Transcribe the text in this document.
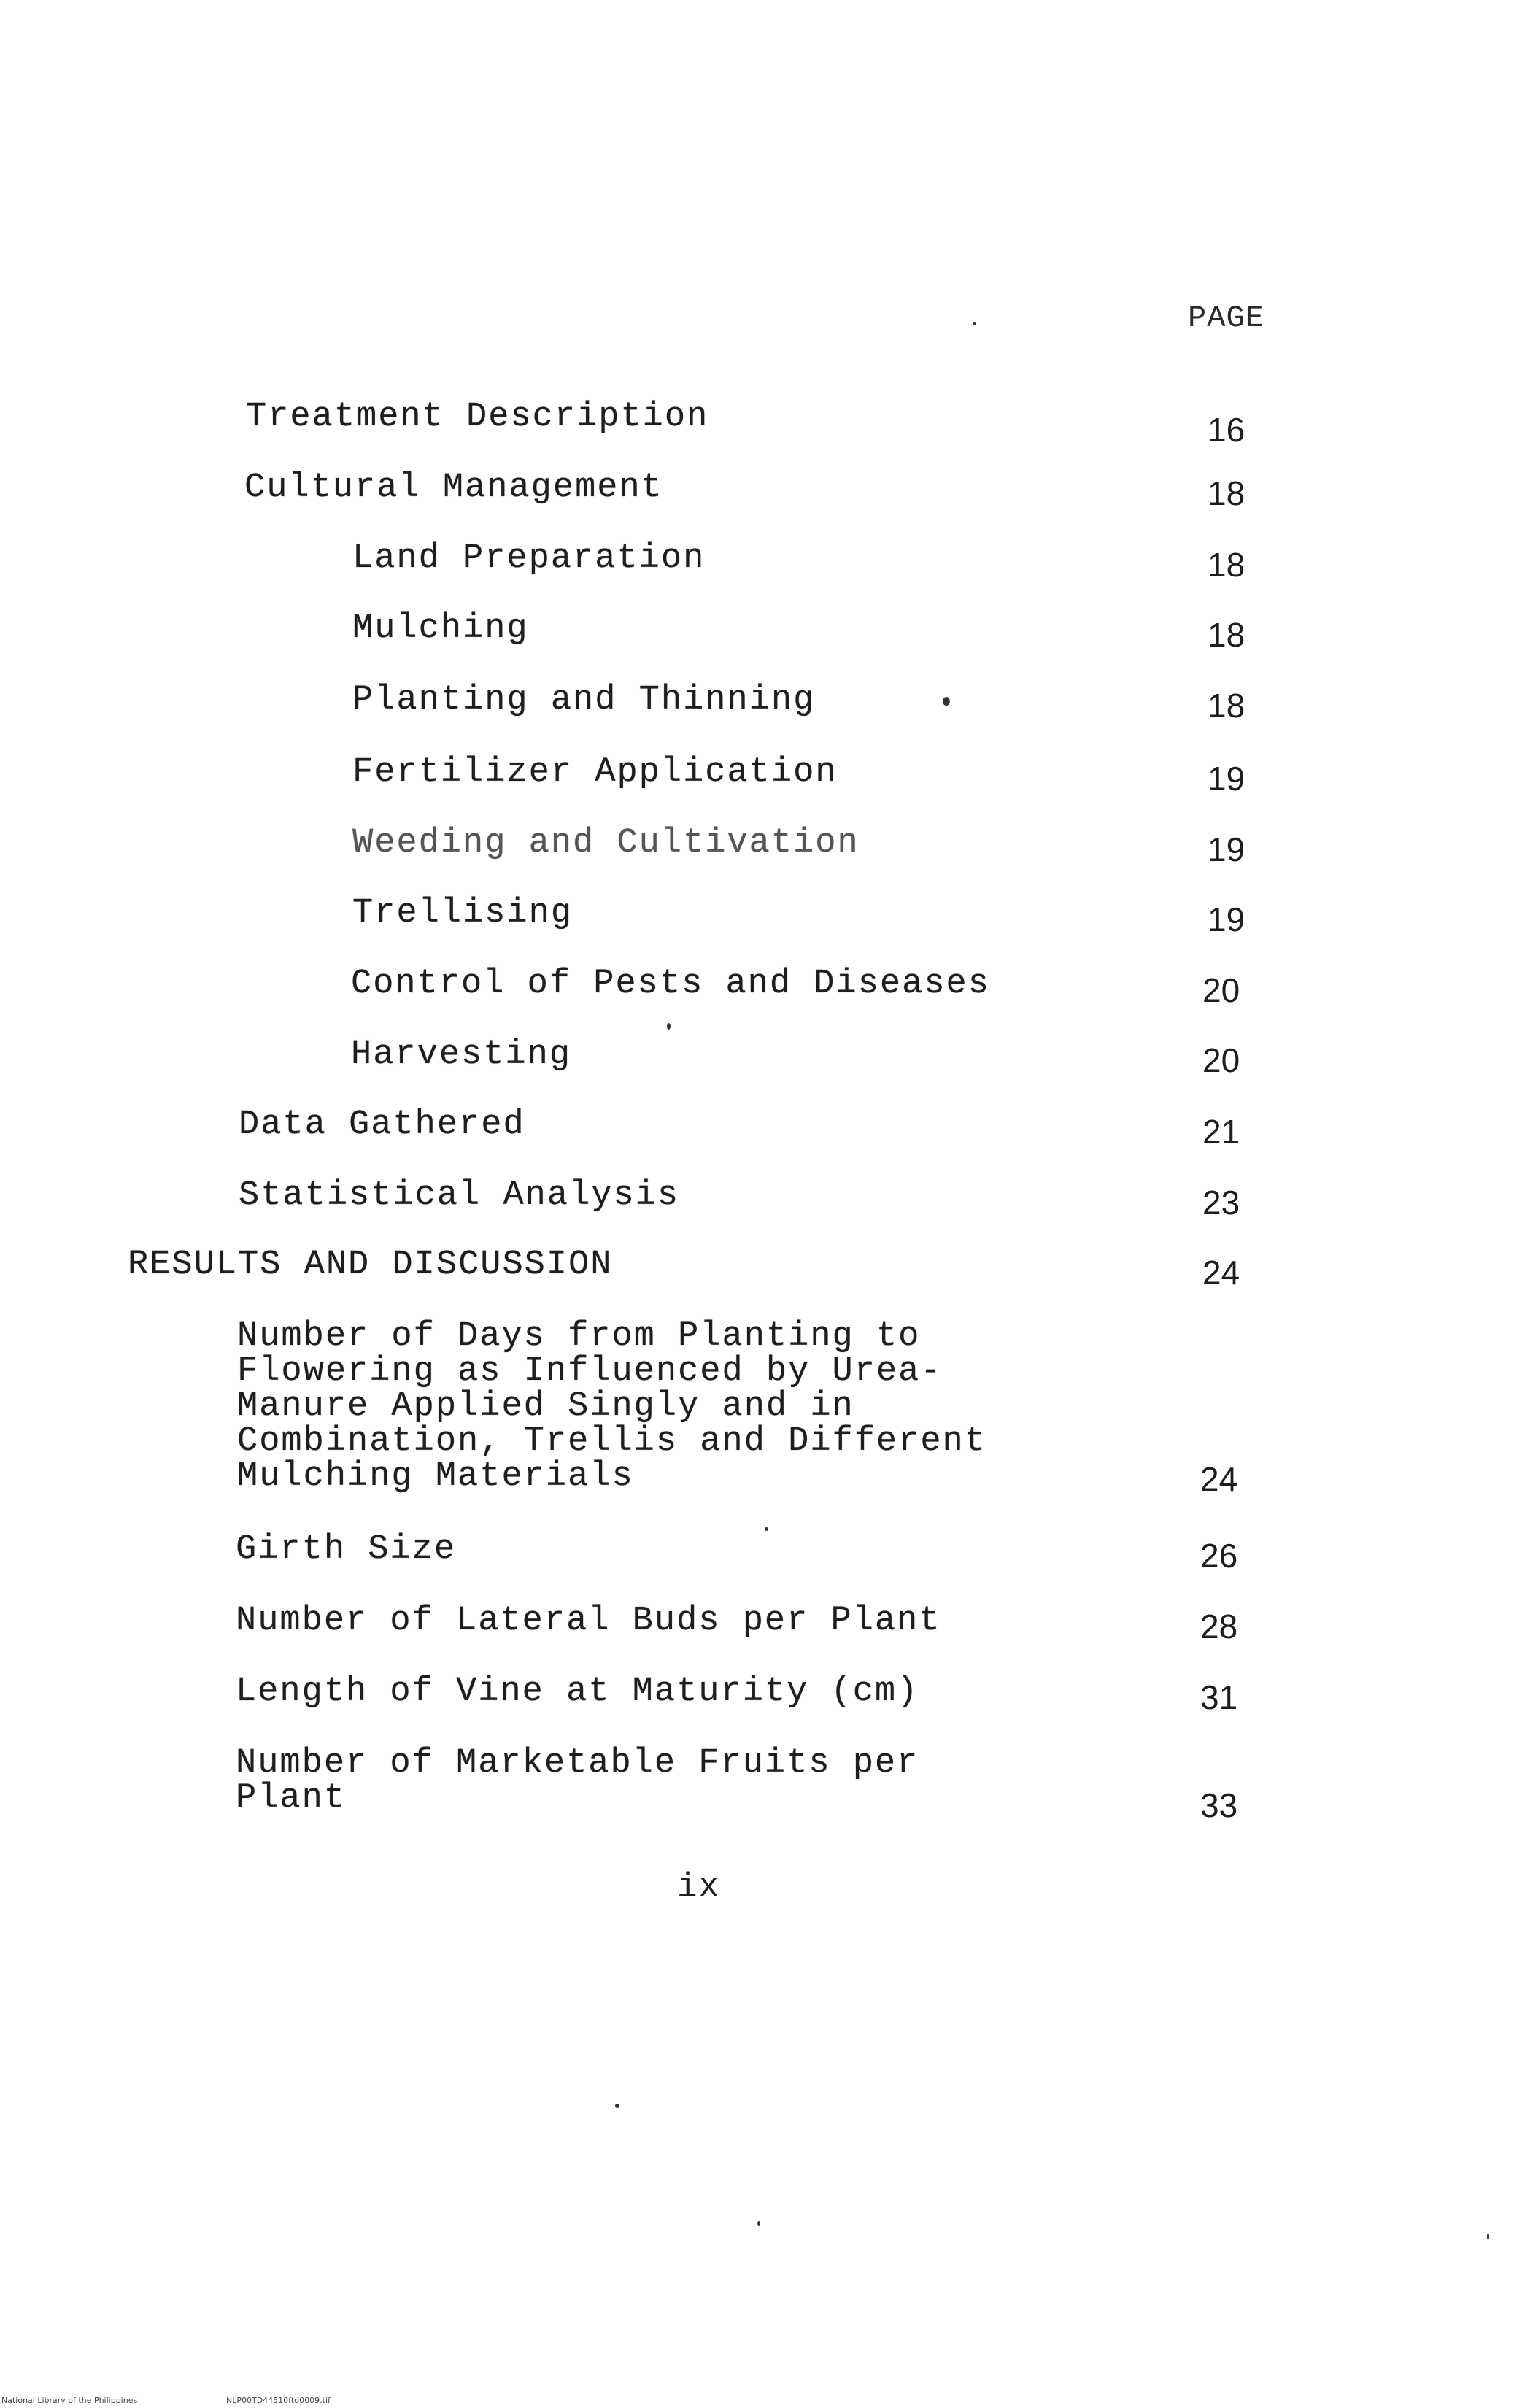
PAGE
Treatment Description	16
Cultural Management	18
Land Preparation	18
Mulching	18
Planting and Thinning	18
Fertilizer Application	19
Weeding and Cultivation	19
Trellising	19
Control of Pests and Diseases	20
Harvesting	20
Data Gathered	21
Statistical Analysis	23
RESULTS AND DISCUSSION	24
Number of Days from Planting to
Flowering as Influenced by Urea-
Manure Applied Singly and in
Combination, Trellis and Different
Mulching Materials	24
Girth Size	26
Number of Lateral Buds per Plant	28
Length of Vine at Maturity (cm)	31
Number of Marketable Fruits per
Plant	33
ix
National Library of the Philippines	NLP00TD44510ftd0009.tif
